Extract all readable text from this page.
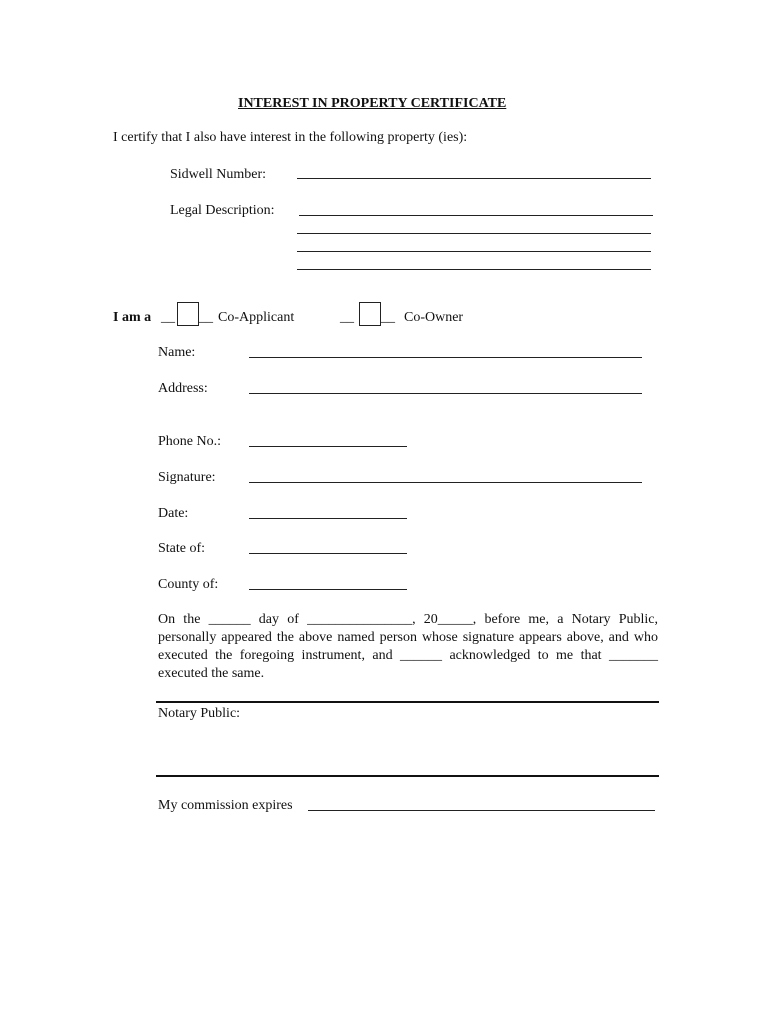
INTEREST IN PROPERTY CERTIFICATE
I certify that I also have interest in the following property (ies):
Sidwell Number:
Legal Description:
I am a __ __ Co-Applicant	__ __ Co-Owner
Name:
Address:
Phone No.:
Signature:
Date:
State of:
County of:
On the ______ day of _______________, 20_____, before me, a Notary Public, personally appeared the above named person whose signature appears above, and who executed the foregoing instrument, and ______ acknowledged to me that _______ executed the same.
Notary Public:
My commission expires
